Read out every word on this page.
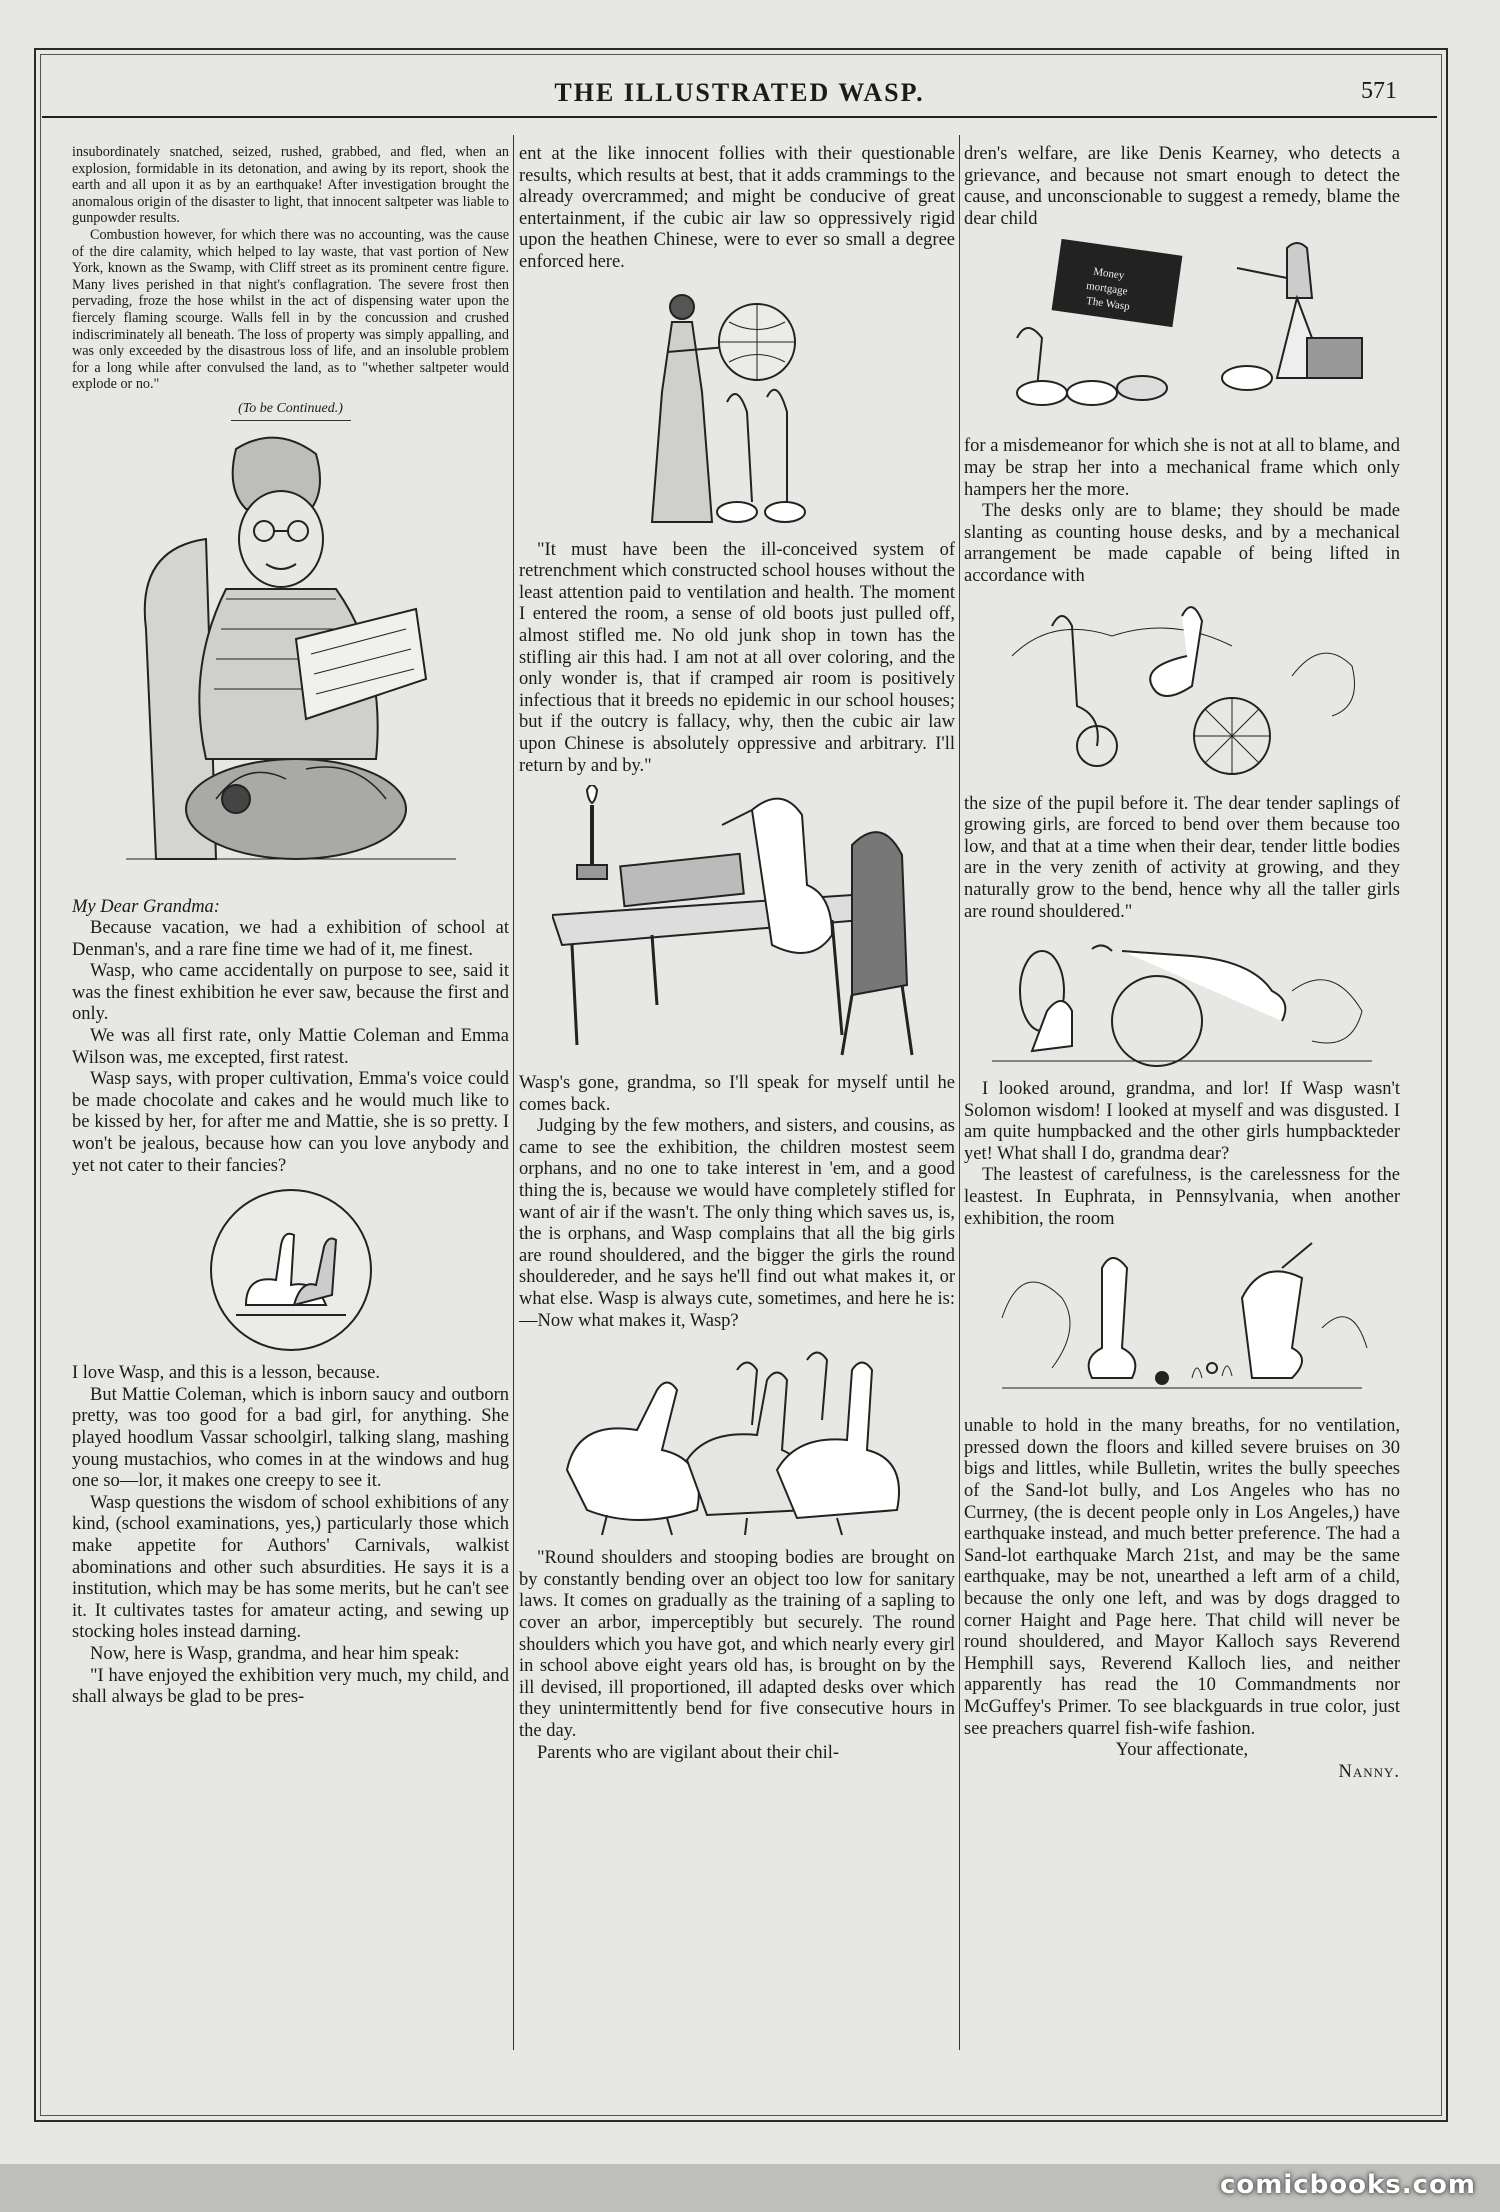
THE ILLUSTRATED WASP.	571

insubordinately snatched, seized, rushed, grabbed, and fled, when an explosion, formidable in its detonation, and awing by its report, shook the earth and all upon it as by an earthquake! After investigation brought the anomalous origin of the disaster to light, that innocent saltpeter was liable to gunpowder results.

Combustion however, for which there was no accounting, was the cause of the dire calamity, which helped to lay waste, that vast portion of New York, known as the Swamp, with Cliff street as its prominent centre figure. Many lives perished in that night's conflagration. The severe frost then pervading, froze the hose whilst in the act of dispensing water upon the fiercely flaming scourge. Walls fell in by the concussion and crushed indiscriminately all beneath. The loss of property was simply appalling, and was only exceeded by the disastrous loss of life, and an insoluble problem for a long while after convulsed the land, as to "whether saltpeter would explode or no."

(To be Continued.)

My Dear Grandma:

Because vacation, we had a exhibition of school at Denman's, and a rare fine time we had of it, me finest.

Wasp, who came accidentally on purpose to see, said it was the finest exhibition he ever saw, because the first and only.

We was all first rate, only Mattie Coleman and Emma Wilson was, me excepted, first ratest.

Wasp says, with proper cultivation, Emma's voice could be made chocolate and cakes and he would much like to be kissed by her, for after me and Mattie, she is so pretty. I won't be jealous, because how can you love anybody and yet not cater to their fancies?

I love Wasp, and this is a lesson, because.

But Mattie Coleman, which is inborn saucy and outborn pretty, was too good for a bad girl, for anything. She played hoodlum Vassar schoolgirl, talking slang, mashing young mustachios, who comes in at the windows and hug one so—lor, it makes one creepy to see it.

Wasp questions the wisdom of school exhibitions of any kind, (school examinations, yes,) particularly those which make appetite for Authors' Carnivals, walkist abominations and other such absurdities. He says it is a institution, which may be has some merits, but he can't see it. It cultivates tastes for amateur acting, and sewing up stocking holes instead darning.

Now, here is Wasp, grandma, and hear him speak:

"I have enjoyed the exhibition very much, my child, and shall always be glad to be pres-

ent at the like innocent follies with their questionable results, which results at best, that it adds crammings to the already overcrammed; and might be conducive of great entertainment, if the cubic air law so oppressively rigid upon the heathen Chinese, were to ever so small a degree enforced here.

"It must have been the ill-conceived system of retrenchment which constructed school houses without the least attention paid to ventilation and health. The moment I entered the room, a sense of old boots just pulled off, almost stifled me. No old junk shop in town has the stifling air this had. I am not at all over coloring, and the only wonder is, that if cramped air room is positively infectious that it breeds no epidemic in our school houses; but if the outcry is fallacy, why, then the cubic air law upon Chinese is absolutely oppressive and arbitrary. I'll return by and by."

Wasp's gone, grandma, so I'll speak for myself until he comes back.

Judging by the few mothers, and sisters, and cousins, as came to see the exhibition, the children mostest seem orphans, and no one to take interest in 'em, and a good thing the is, because we would have completely stifled for want of air if the wasn't. The only thing which saves us, is, the is orphans, and Wasp complains that all the big girls are round shouldered, and the bigger the girls the round shouldereder, and he says he'll find out what makes it, or what else. Wasp is always cute, sometimes, and here he is:—Now what makes it, Wasp?

"Round shoulders and stooping bodies are brought on by constantly bending over an object too low for sanitary laws. It comes on gradually as the training of a sapling to cover an arbor, imperceptibly but securely. The round shoulders which you have got, and which nearly every girl in school above eight years old has, is brought on by the ill devised, ill proportioned, ill adapted desks over which they unintermittently bend for five consecutive hours in the day.

Parents who are vigilant about their chil-

dren's welfare, are like Denis Kearney, who detects a grievance, and because not smart enough to detect the cause, and unconscionable to suggest a remedy, blame the dear child

Money
mortgage
The Wasp

for a misdemeanor for which she is not at all to blame, and may be strap her into a mechanical frame which only hampers her the more.

The desks only are to blame; they should be made slanting as counting house desks, and by a mechanical arrangement be made capable of being lifted in accordance with

the size of the pupil before it. The dear tender saplings of growing girls, are forced to bend over them because too low, and that at a time when their dear, tender little bodies are in the very zenith of activity at growing, and they naturally grow to the bend, hence why all the taller girls are round shouldered."

I looked around, grandma, and lor! If Wasp wasn't Solomon wisdom! I looked at myself and was disgusted. I am quite humpbacked and the other girls humpbackteder yet! What shall I do, grandma dear?

The leastest of carefulness, is the carelessness for the leastest. In Euphrata, in Pennsylvania, when another exhibition, the room

unable to hold in the many breaths, for no ventilation, pressed down the floors and killed severe bruises on 30 bigs and littles, while Bulletin, writes the bully speeches of the Sand-lot bully, and Los Angeles who has no Currney, (the is decent people only in Los Angeles,) have earthquake instead, and much better preference. The had a Sand-lot earthquake March 21st, and may be the same earthquake, may be not, unearthed a left arm of a child, because the only one left, and was by dogs dragged to corner Haight and Page here. That child will never be round shouldered, and Mayor Kalloch says Reverend Hemphill says, Reverend Kalloch lies, and neither apparently has read the 10 Commandments nor McGuffey's Primer. To see blackguards in true color, just see preachers quarrel fish-wife fashion.

Your affectionate,

Nanny.

comicbooks.com
